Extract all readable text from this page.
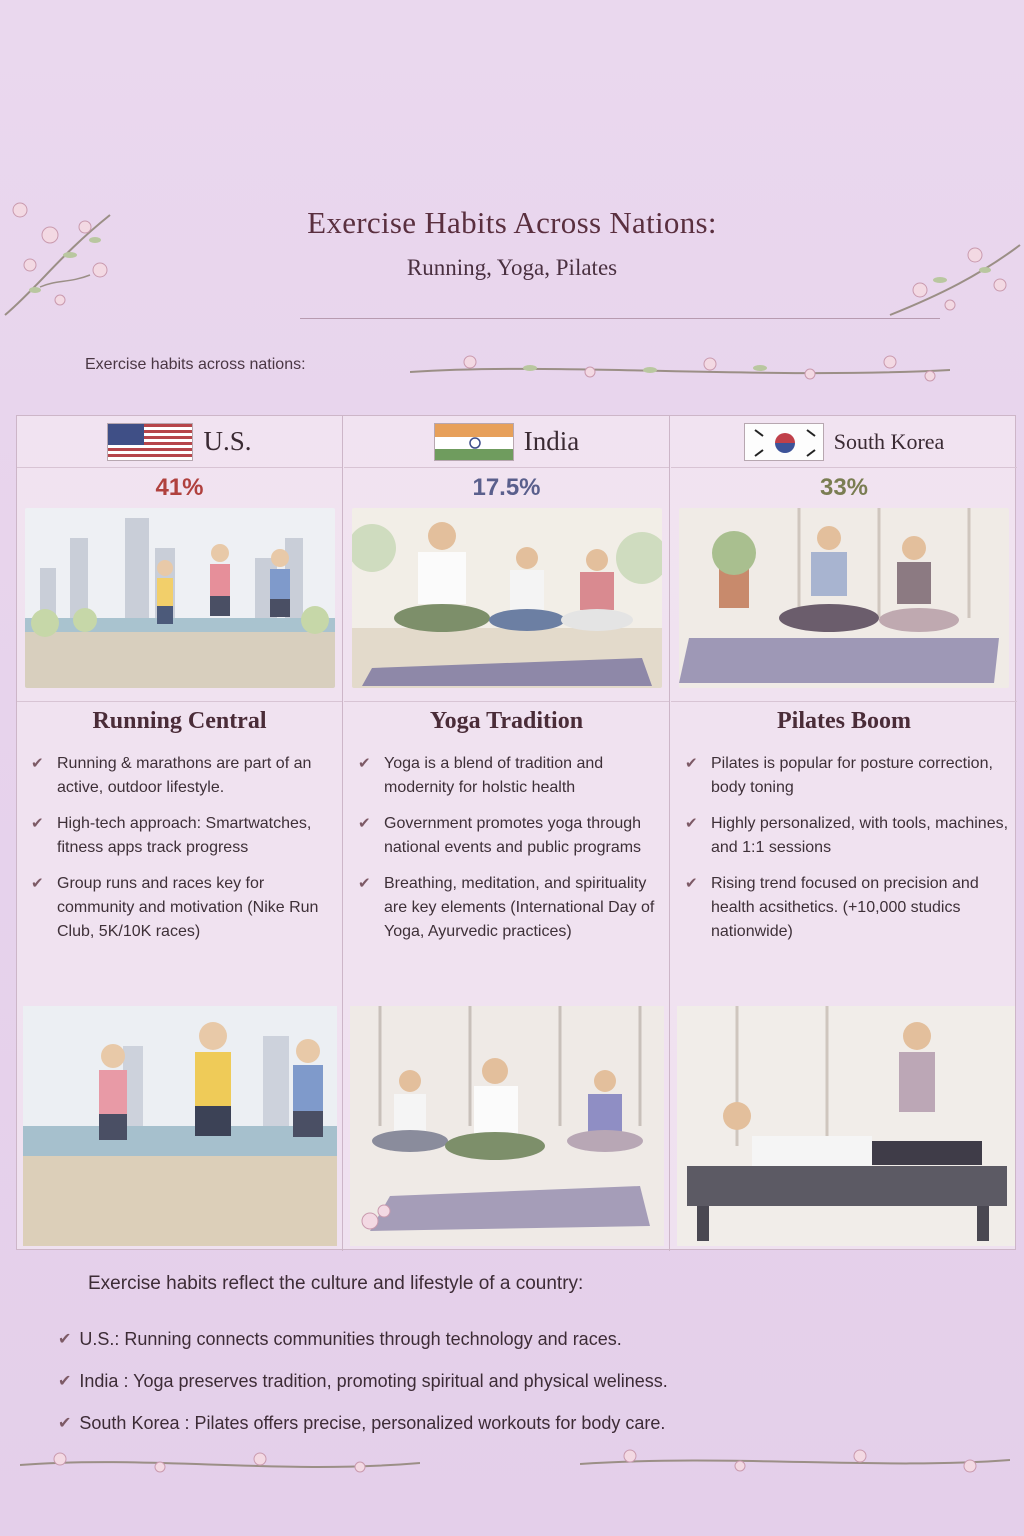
Exercise Habits Across Nations:
Running, Yoga, Pilates
Exercise habits across nations:
U.S.
41%
Running Central
✔ Running & marathons are part of an active, outdoor lifestyle.
✔ High-tech approach: Smartwatches, fitness apps track progress
✔ Group runs and races key for community and motivation (Nike Run Club, 5K/10K races)
India
17.5%
Yoga Tradition
✔ Yoga is a blend of tradition and modernity for holstic health
✔ Government promotes yoga through national events and public programs
✔ Breathing, meditation, and spirituality are key elements (International Day of Yoga, Ayurvedic practices)
South Korea
33%
Pilates Boom
✔ Pilates is popular for posture correction, body toning
✔ Highly personalized, with tools, machines, and 1:1 sessions
✔ Rising trend focused on precision and health acsithetics. (+10,000 studics nationwide)
Exercise habits reflect the culture and lifestyle of a country:
✔ U.S.: Running connects communities through technology and races.
✔ India : Yoga preserves tradition, promoting spiritual and physical weliness.
✔ South Korea : Pilates offers precise, personalized workouts for body care.
